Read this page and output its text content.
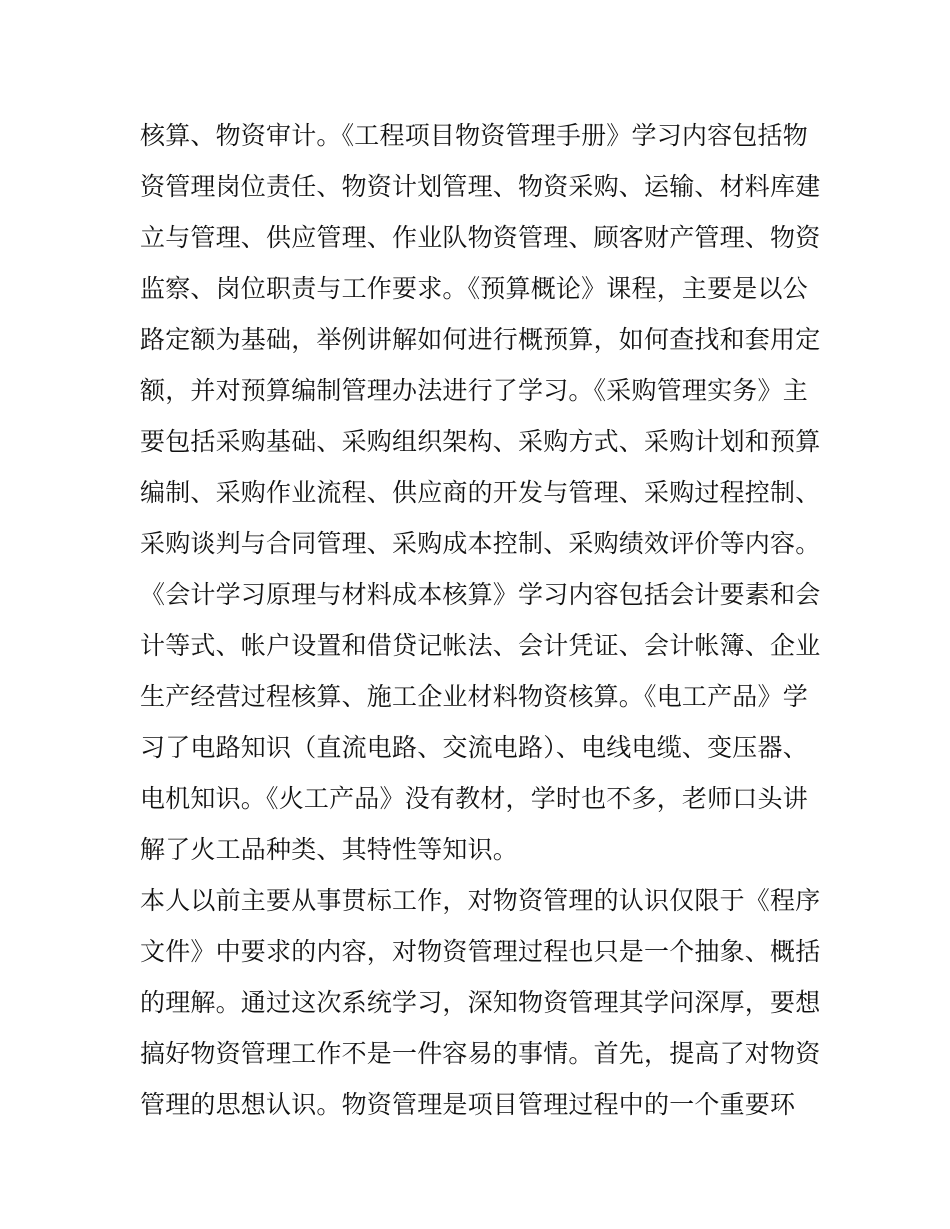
核算、物资审计。《工程项目物资管理手册》学习内容包括物
资管理岗位责任、物资计划管理、物资采购、运输、材料库建
立与管理、供应管理、作业队物资管理、顾客财产管理、物资
监察、岗位职责与工作要求。《预算概论》课程，主要是以公
路定额为基础，举例讲解如何进行概预算，如何查找和套用定
额，并对预算编制管理办法进行了学习。《采购管理实务》主
要包括采购基础、采购组织架构、采购方式、采购计划和预算
编制、采购作业流程、供应商的开发与管理、采购过程控制、
采购谈判与合同管理、采购成本控制、采购绩效评价等内容。
《会计学习原理与材料成本核算》学习内容包括会计要素和会
计等式、帐户设置和借贷记帐法、会计凭证、会计帐簿、企业
生产经营过程核算、施工企业材料物资核算。《电工产品》学
习了电路知识（直流电路、交流电路）、电线电缆、变压器、
电机知识。《火工产品》没有教材，学时也不多，老师口头讲
解了火工品种类、其特性等知识。
本人以前主要从事贯标工作，对物资管理的认识仅限于《程序
文件》中要求的内容，对物资管理过程也只是一个抽象、概括
的理解。通过这次系统学习，深知物资管理其学问深厚，要想
搞好物资管理工作不是一件容易的事情。首先，提高了对物资
管理的思想认识。物资管理是项目管理过程中的一个重要环
